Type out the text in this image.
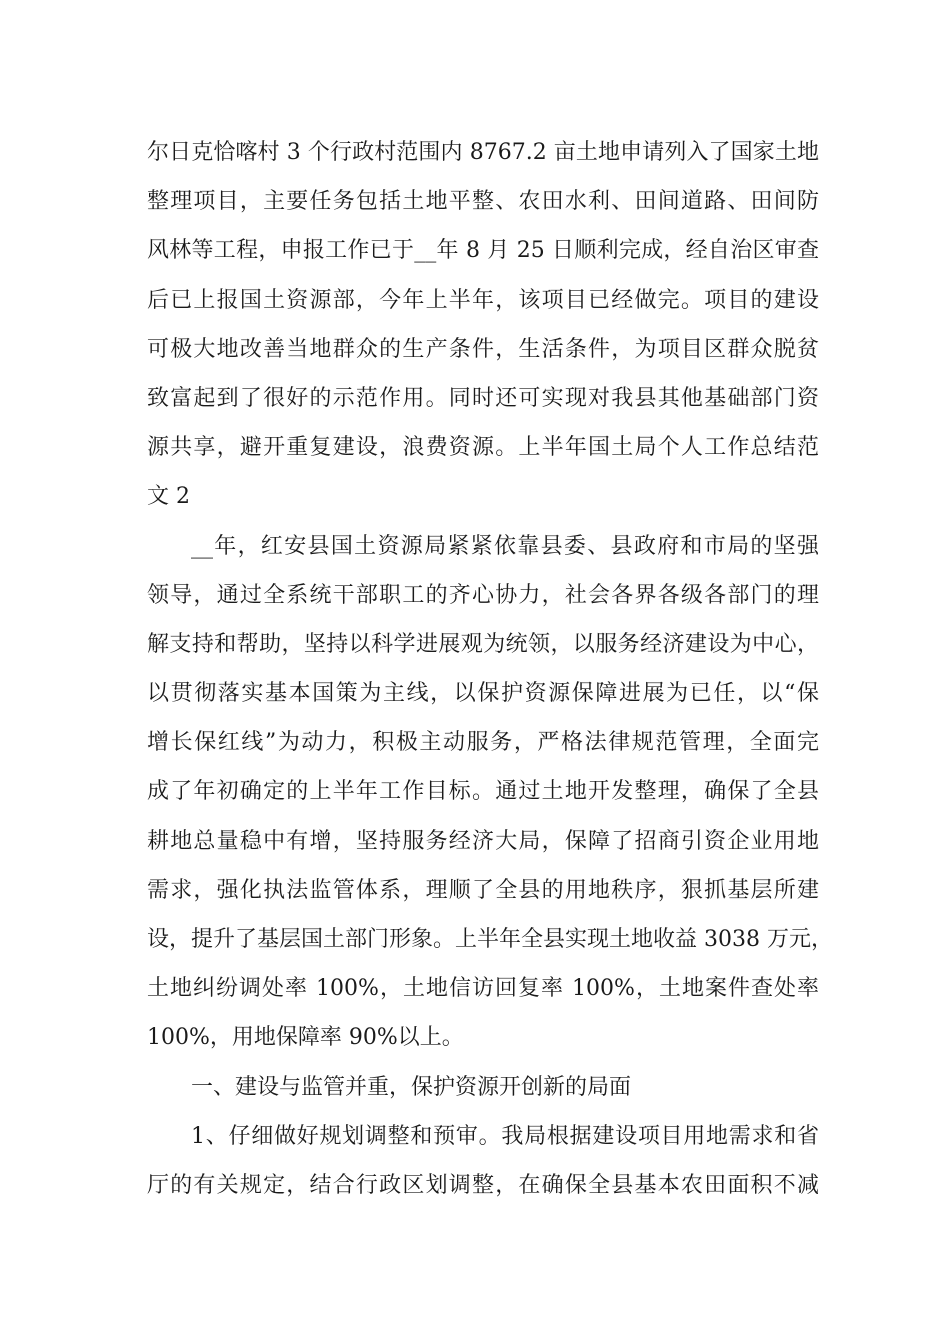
尔日克恰喀村 3 个行政村范围内 8767.2 亩土地申请列入了国家土地
整理项目，主要任务包括土地平整、农田水利、田间道路、田间防
风林等工程，申报工作已于__年 8 月 25 日顺利完成，经自治区审查
后已上报国土资源部，今年上半年，该项目已经做完。项目的建设
可极大地改善当地群众的生产条件，生活条件，为项目区群众脱贫
致富起到了很好的示范作用。同时还可实现对我县其他基础部门资
源共享，避开重复建设，浪费资源。上半年国土局个人工作总结范
文 2
__年，红安县国土资源局紧紧依靠县委、县政府和市局的坚强
领导，通过全系统干部职工的齐心协力，社会各界各级各部门的理
解支持和帮助，坚持以科学进展观为统领，以服务经济建设为中心，
以贯彻落实基本国策为主线，以保护资源保障进展为已任，以“保
增长保红线”为动力，积极主动服务，严格法律规范管理，全面完
成了年初确定的上半年工作目标。通过土地开发整理，确保了全县
耕地总量稳中有增，坚持服务经济大局，保障了招商引资企业用地
需求，强化执法监管体系，理顺了全县的用地秩序，狠抓基层所建
设，提升了基层国土部门形象。上半年全县实现土地收益 3038 万元，
土地纠纷调处率 100%，土地信访回复率 100%，土地案件查处率
100%，用地保障率 90%以上。
一、建设与监管并重，保护资源开创新的局面
1、仔细做好规划调整和预审。我局根据建设项目用地需求和省
厅的有关规定，结合行政区划调整，在确保全县基本农田面积不减
